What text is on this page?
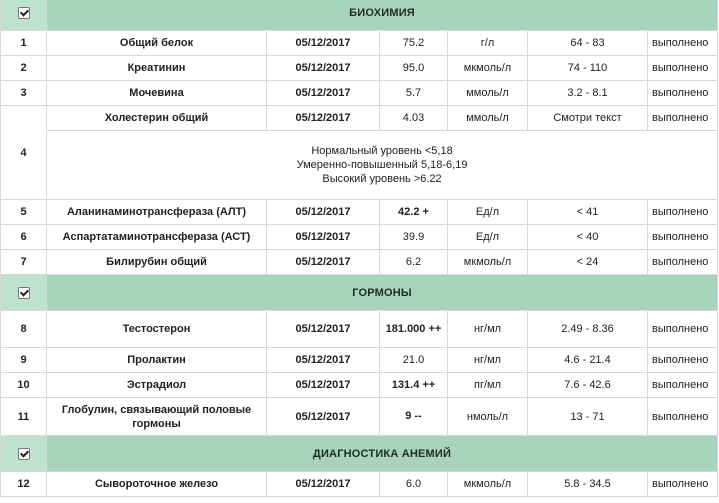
	БИОХИМИЯ					
1	Общий белок	05/12/2017	75.2	г/л	64 - 83	выполнено
2	Креатинин	05/12/2017	95.0	мкмоль/л	74 - 110	выполнено
3	Мочевина	05/12/2017	5.7	ммоль/л	3.2 - 8.1	выполнено
4	Холестерин общий	05/12/2017	4.03	ммоль/л	Смотри текст	выполнено

	Нормальный уровень <5,18
Умеренно-повышенный 5,18-6,19
Высокий уровень >6.22					

5	Аланинаминотрансфераза (АЛТ)	05/12/2017	42.2 +	Ед/л	< 41	выполнено
6	Аспартатаминотрансфераза (АСТ)	05/12/2017	39.9	Ед/л	< 40	выполнено
7	Билирубин общий	05/12/2017	6.2	мкмоль/л	< 24	выполнено
	ГОРМОНЫ					
8	Тестостерон	05/12/2017	181.000 ++	нг/мл	2.49 - 8.36	выполнено
9	Пролактин	05/12/2017	21.0	нг/мл	4.6 - 21.4	выполнено
10	Эстрадиол	05/12/2017	131.4 ++	пг/мл	7.6 - 42.6	выполнено
11	Глобулин, связывающий половые гормоны	05/12/2017	9 --	нмоль/л	13 - 71	выполнено
	ДИАГНОСТИКА АНЕМИЙ					
12	Сывороточное железо	05/12/2017	6.0	мкмоль/л	5.8 - 34.5	выполнено
